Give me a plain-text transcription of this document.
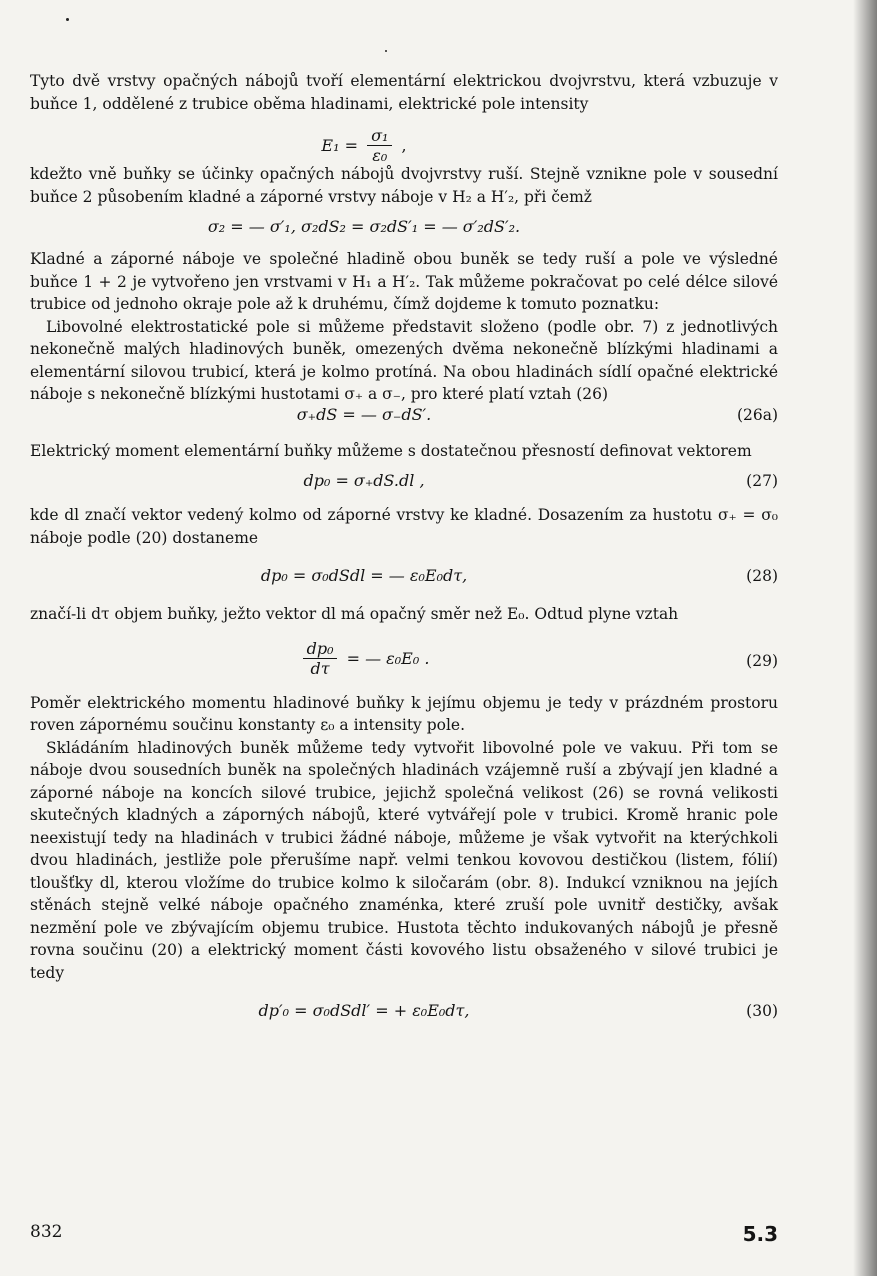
Tyto dvě vrstvy opačných nábojů tvoří elementární elektrickou dvojvrstvu, která vzbuzuje v buňce 1, oddělené z trubice oběma hladinami, elektrické pole intensity

$E_1 = \frac{\text{σ₁}}{\text{ε₀}}$ ,

kdežto vně buňky se účinky opačných nábojů dvojvrstvy ruší. Stejně vznikne pole v sousední buňce 2 působením kladné a záporné vrstvy náboje v H₂ a H′₂, při čemž

σ₂ = — σ′₁, σ₂dS₂ = σ₂dS′₁ = — σ′₂dS′₂.

Kladné a záporné náboje ve společné hladině obou buněk se tedy ruší a pole ve výsledné buňce 1 + 2 je vytvořeno jen vrstvami v H₁ a H′₂. Tak můžeme pokračovat po celé délce silové trubice od jednoho okraje pole až k druhému, čímž dojdeme k tomuto poznatku:

Libovolné elektrostatické pole si můžeme představit složeno (podle obr. 7) z jednotlivých nekonečně malých hladinových buněk, omezených dvěma nekonečně blízkými hladinami a elementární silovou trubicí, která je kolmo protíná. Na obou hladinách sídlí opačné elektrické náboje s nekonečně blízkými hustotami σ₊ a σ₋, pro které platí vztah (26)

σ₊dS = — σ₋dS′.	(26a)

Elektrický moment elementární buňky můžeme s dostatečnou přesností definovat vektorem

dp₀ = σ₊dS.dl ,	(27)

kde dl značí vektor vedený kolmo od záporné vrstvy ke kladné. Dosazením za hustotu σ₊ = σ₀ náboje podle (20) dostaneme

dp₀ = σ₀dSdl = — ε₀E₀dτ,	(28)

značí-li dτ objem buňky, ježto vektor dl má opačný směr než E₀. Odtud plyne vztah

$\frac{\text{dp₀}}{d\tau}$ = — ε₀E₀ .	(29)

Poměr elektrického momentu hladinové buňky k jejímu objemu je tedy v prázdném prostoru roven zápornému součinu konstanty ε₀ a intensity pole.

Skládáním hladinových buněk můžeme tedy vytvořit libovolné pole ve vakuu. Při tom se náboje dvou sousedních buněk na společných hladinách vzájemně ruší a zbývají jen kladné a záporné náboje na koncích silové trubice, jejichž společná velikost (26) se rovná velikosti skutečných kladných a záporných nábojů, které vytvářejí pole v trubici. Kromě hranic pole neexistují tedy na hladinách v trubici žádné náboje, můžeme je však vytvořit na kterýchkoli dvou hladinách, jestliže pole přerušíme např. velmi tenkou kovovou destičkou (listem, fólií) tloušťky dl, kterou vložíme do trubice kolmo k siločarám (obr. 8). Indukcí vzniknou na jejích stěnách stejně velké náboje opačného znaménka, které zruší pole uvnitř destičky, avšak nezmění pole ve zbývajícím objemu trubice. Hustota těchto indukovaných nábojů je přesně rovna součinu (20) a elektrický moment části kovového listu obsaženého v silové trubici je tedy

dp′₀ = σ₀dSdl′ = + ε₀E₀dτ,	(30)
832	5.3
